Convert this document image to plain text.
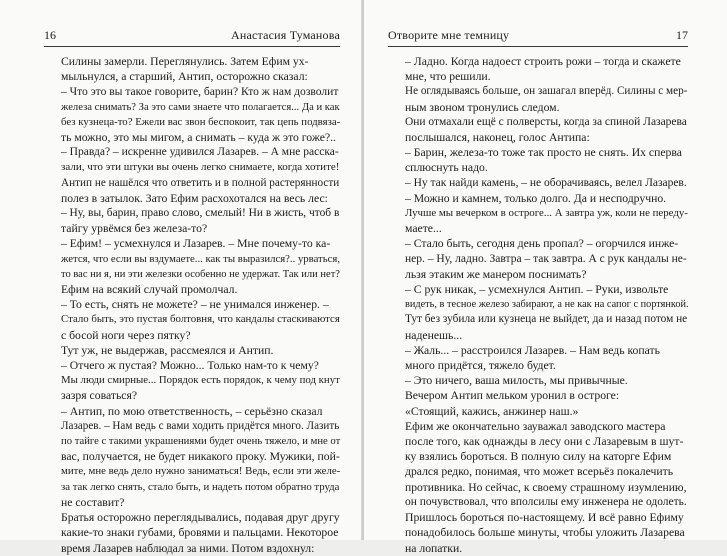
16	Анастасия Туманова

Силины замерли. Переглянулись. Затем Ефим ух-

мыльнулся, а старший, Антип, осторожно сказал:

– Что это вы такое говорите, барин? Кто ж нам дозволит

железа снимать? За это сами знаете что полагается... Да и как

без кузнеца-то? Ежели вас звон беспокоит, так цепь подвяза-

ть можно, это мы мигом, а снимать – куда ж это гоже?..

– Правда? – искренне удивился Лазарев. – А мне расска-

зали, что эти штуки вы очень легко снимаете, когда хотите!

Антип не нашёлся что ответить и в полной растерянности

полез в затылок. Зато Ефим расхохотался на весь лес:

– Ну, вы, барин, право слово, смелый! Ни в жисть, чтоб в

тайгу урвёмся без железа-то?

– Ефим! – усмехнулся и Лазарев. – Мне почему-то ка-

жется, что если вы вздумаете... как ты выразился?.. урваться,

то вас ни я, ни эти железки особенно не удержат. Так или нет?

Ефим на всякий случай промолчал.

– То есть, снять не можете? – не унимался инженер. –

Стало быть, это пустая болтовня, что кандалы стаскиваются

с босой ноги через пятку?

Тут уж, не выдержав, рассмеялся и Антип.

– Отчего ж пустая? Можно... Только нам-то к чему?

Мы люди смирные... Порядок есть порядок, к чему под кнут

зазря соваться?

– Антип, по мою ответственность, – серьёзно сказал

Лазарев. – Нам ведь с вами ходить придётся много. Лазить

по тайге с такими украшениями будет очень тяжело, и мне от

вас, получается, не будет никакого проку. Мужики, пой-

мите, мне ведь дело нужно заниматься! Ведь, если эти желе-

за так легко снять, стало быть, и надеть потом обратно труда

не составит?

Братья осторожно переглядывались, подавая друг другу

какие-то знаки губами, бровями и пальцами. Некоторое

время Лазарев наблюдал за ними. Потом вздохнул:

Отворите мне темницу	17

– Ладно. Когда надоест строить рожи – тогда и скажете

мне, что решили.

Не оглядываясь больше, он зашагал вперёд. Силины с мер-

ным звоном тронулись следом.

Они отмахали ещё с полверсты, когда за спиной Лазарева

послышался, наконец, голос Антипа:

– Барин, железа-то тоже так просто не снять. Их сперва

сплюснуть надо.

– Ну так найди камень, – не оборачиваясь, велел Лазарев.

– Можно и камнем, только долго. Да и несподручно.

Лучше мы вечерком в остроге... А завтра уж, коли не переду-

маете...

– Стало быть, сегодня день пропал? – огорчился инже-

нер. – Ну, ладно. Завтра – так завтра. А с рук кандалы не-

льзя этаким же манером поснимать?

– С рук никак, – усмехнулся Антип. – Руки, извольте

видеть, в тесное железо забирают, а не как на сапог с портянкой.

Тут без зубила или кузнеца не выйдет, да и назад потом не

наденешь...

– Жаль... – расстроился Лазарев. – Нам ведь копать

много придётся, тяжело будет.

– Это ничего, ваша милость, мы привычные.

Вечером Антип мельком уронил в остроге:

«Стоящий, кажись, анжинер наш.»

Ефим же окончательно зауважал заводского мастера

после того, как однажды в лесу они с Лазаревым в шут-

ку взялись бороться. В полную силу на каторге Ефим

дрался редко, понимая, что может всерьёз покалечить

противника. Но сейчас, к своему страшному изумлению,

он почувствовал, что вполсилы ему инженера не одолеть.

Пришлось бороться по-настоящему. И всё равно Ефиму

понадобилось больше минуты, чтобы уложить Лазарева

на лопатки.
